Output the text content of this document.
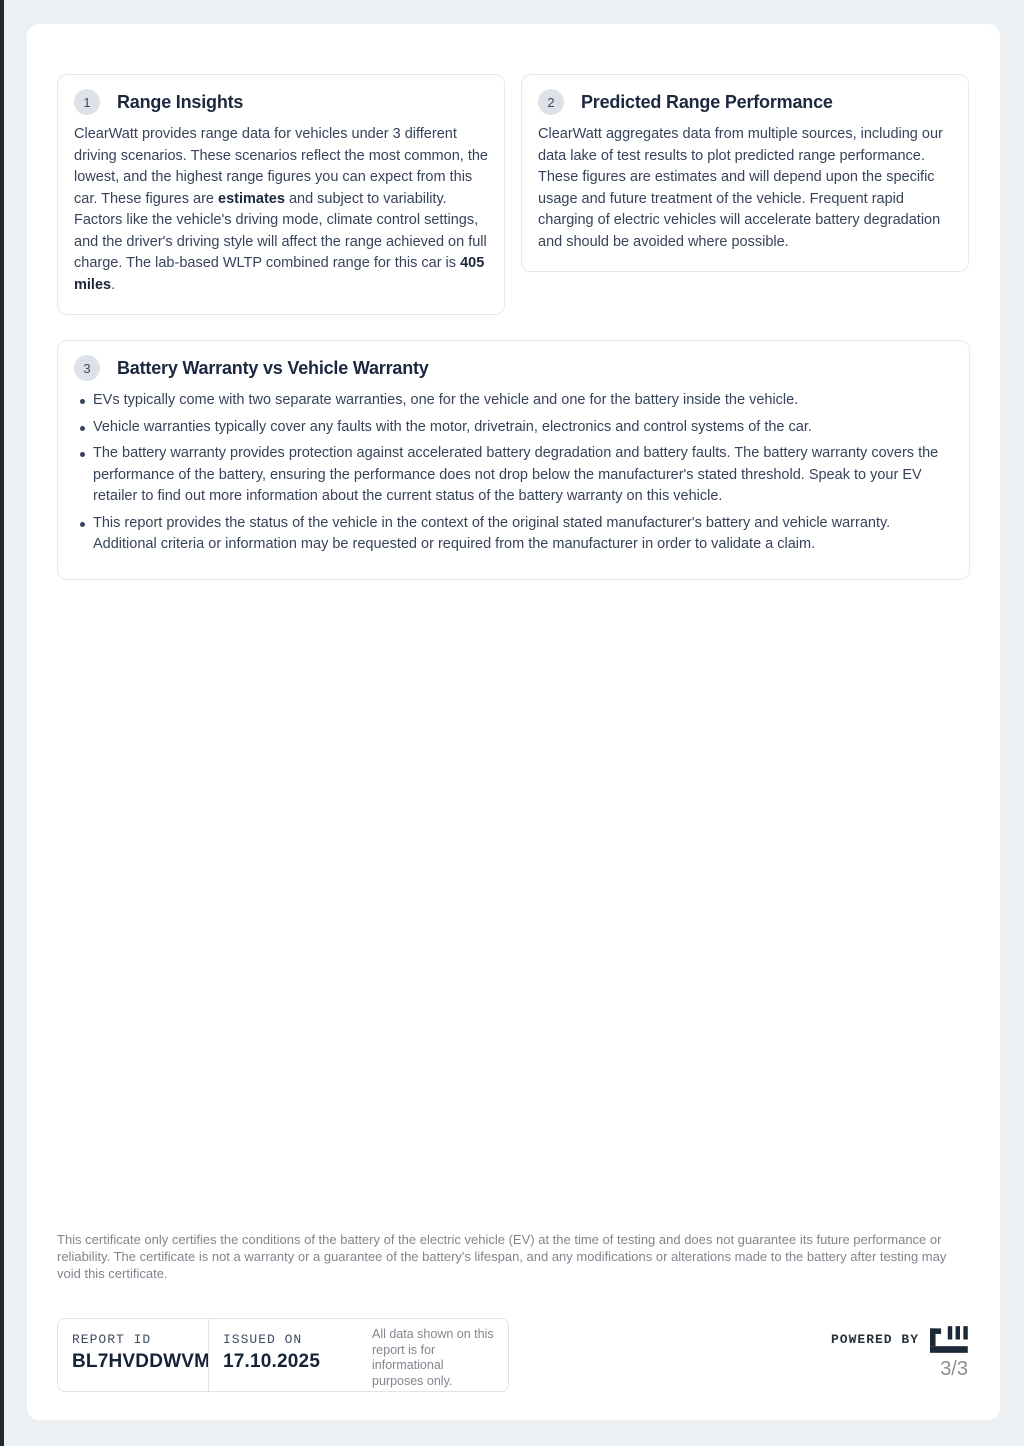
1 Range Insights

ClearWatt provides range data for vehicles under 3 different driving scenarios. These scenarios reflect the most common, the lowest, and the highest range figures you can expect from this car. These figures are estimates and subject to variability. Factors like the vehicle's driving mode, climate control settings, and the driver's driving style will affect the range achieved on full charge. The lab-based WLTP combined range for this car is 405 miles.

2 Predicted Range Performance

ClearWatt aggregates data from multiple sources, including our data lake of test results to plot predicted range performance. These figures are estimates and will depend upon the specific usage and future treatment of the vehicle. Frequent rapid charging of electric vehicles will accelerate battery degradation and should be avoided where possible.

3 Battery Warranty vs Vehicle Warranty
EVs typically come with two separate warranties, one for the vehicle and one for the battery inside the vehicle.
Vehicle warranties typically cover any faults with the motor, drivetrain, electronics and control systems of the car.
The battery warranty provides protection against accelerated battery degradation and battery faults. The battery warranty covers the performance of the battery, ensuring the performance does not drop below the manufacturer's stated threshold. Speak to your EV retailer to find out more information about the current status of the battery warranty on this vehicle.
This report provides the status of the vehicle in the context of the original stated manufacturer's battery and vehicle warranty. Additional criteria or information may be requested or required from the manufacturer in order to validate a claim.

This certificate only certifies the conditions of the battery of the electric vehicle (EV) at the time of testing and does not guarantee its future performance or reliability. The certificate is not a warranty or a guarantee of the battery's lifespan, and any modifications or alterations made to the battery after testing may void this certificate.

REPORT ID
BL7HVDDWVM
ISSUED ON
17.10.2025
All data shown on this report is for informational purposes only.
POWERED BY
3/3
